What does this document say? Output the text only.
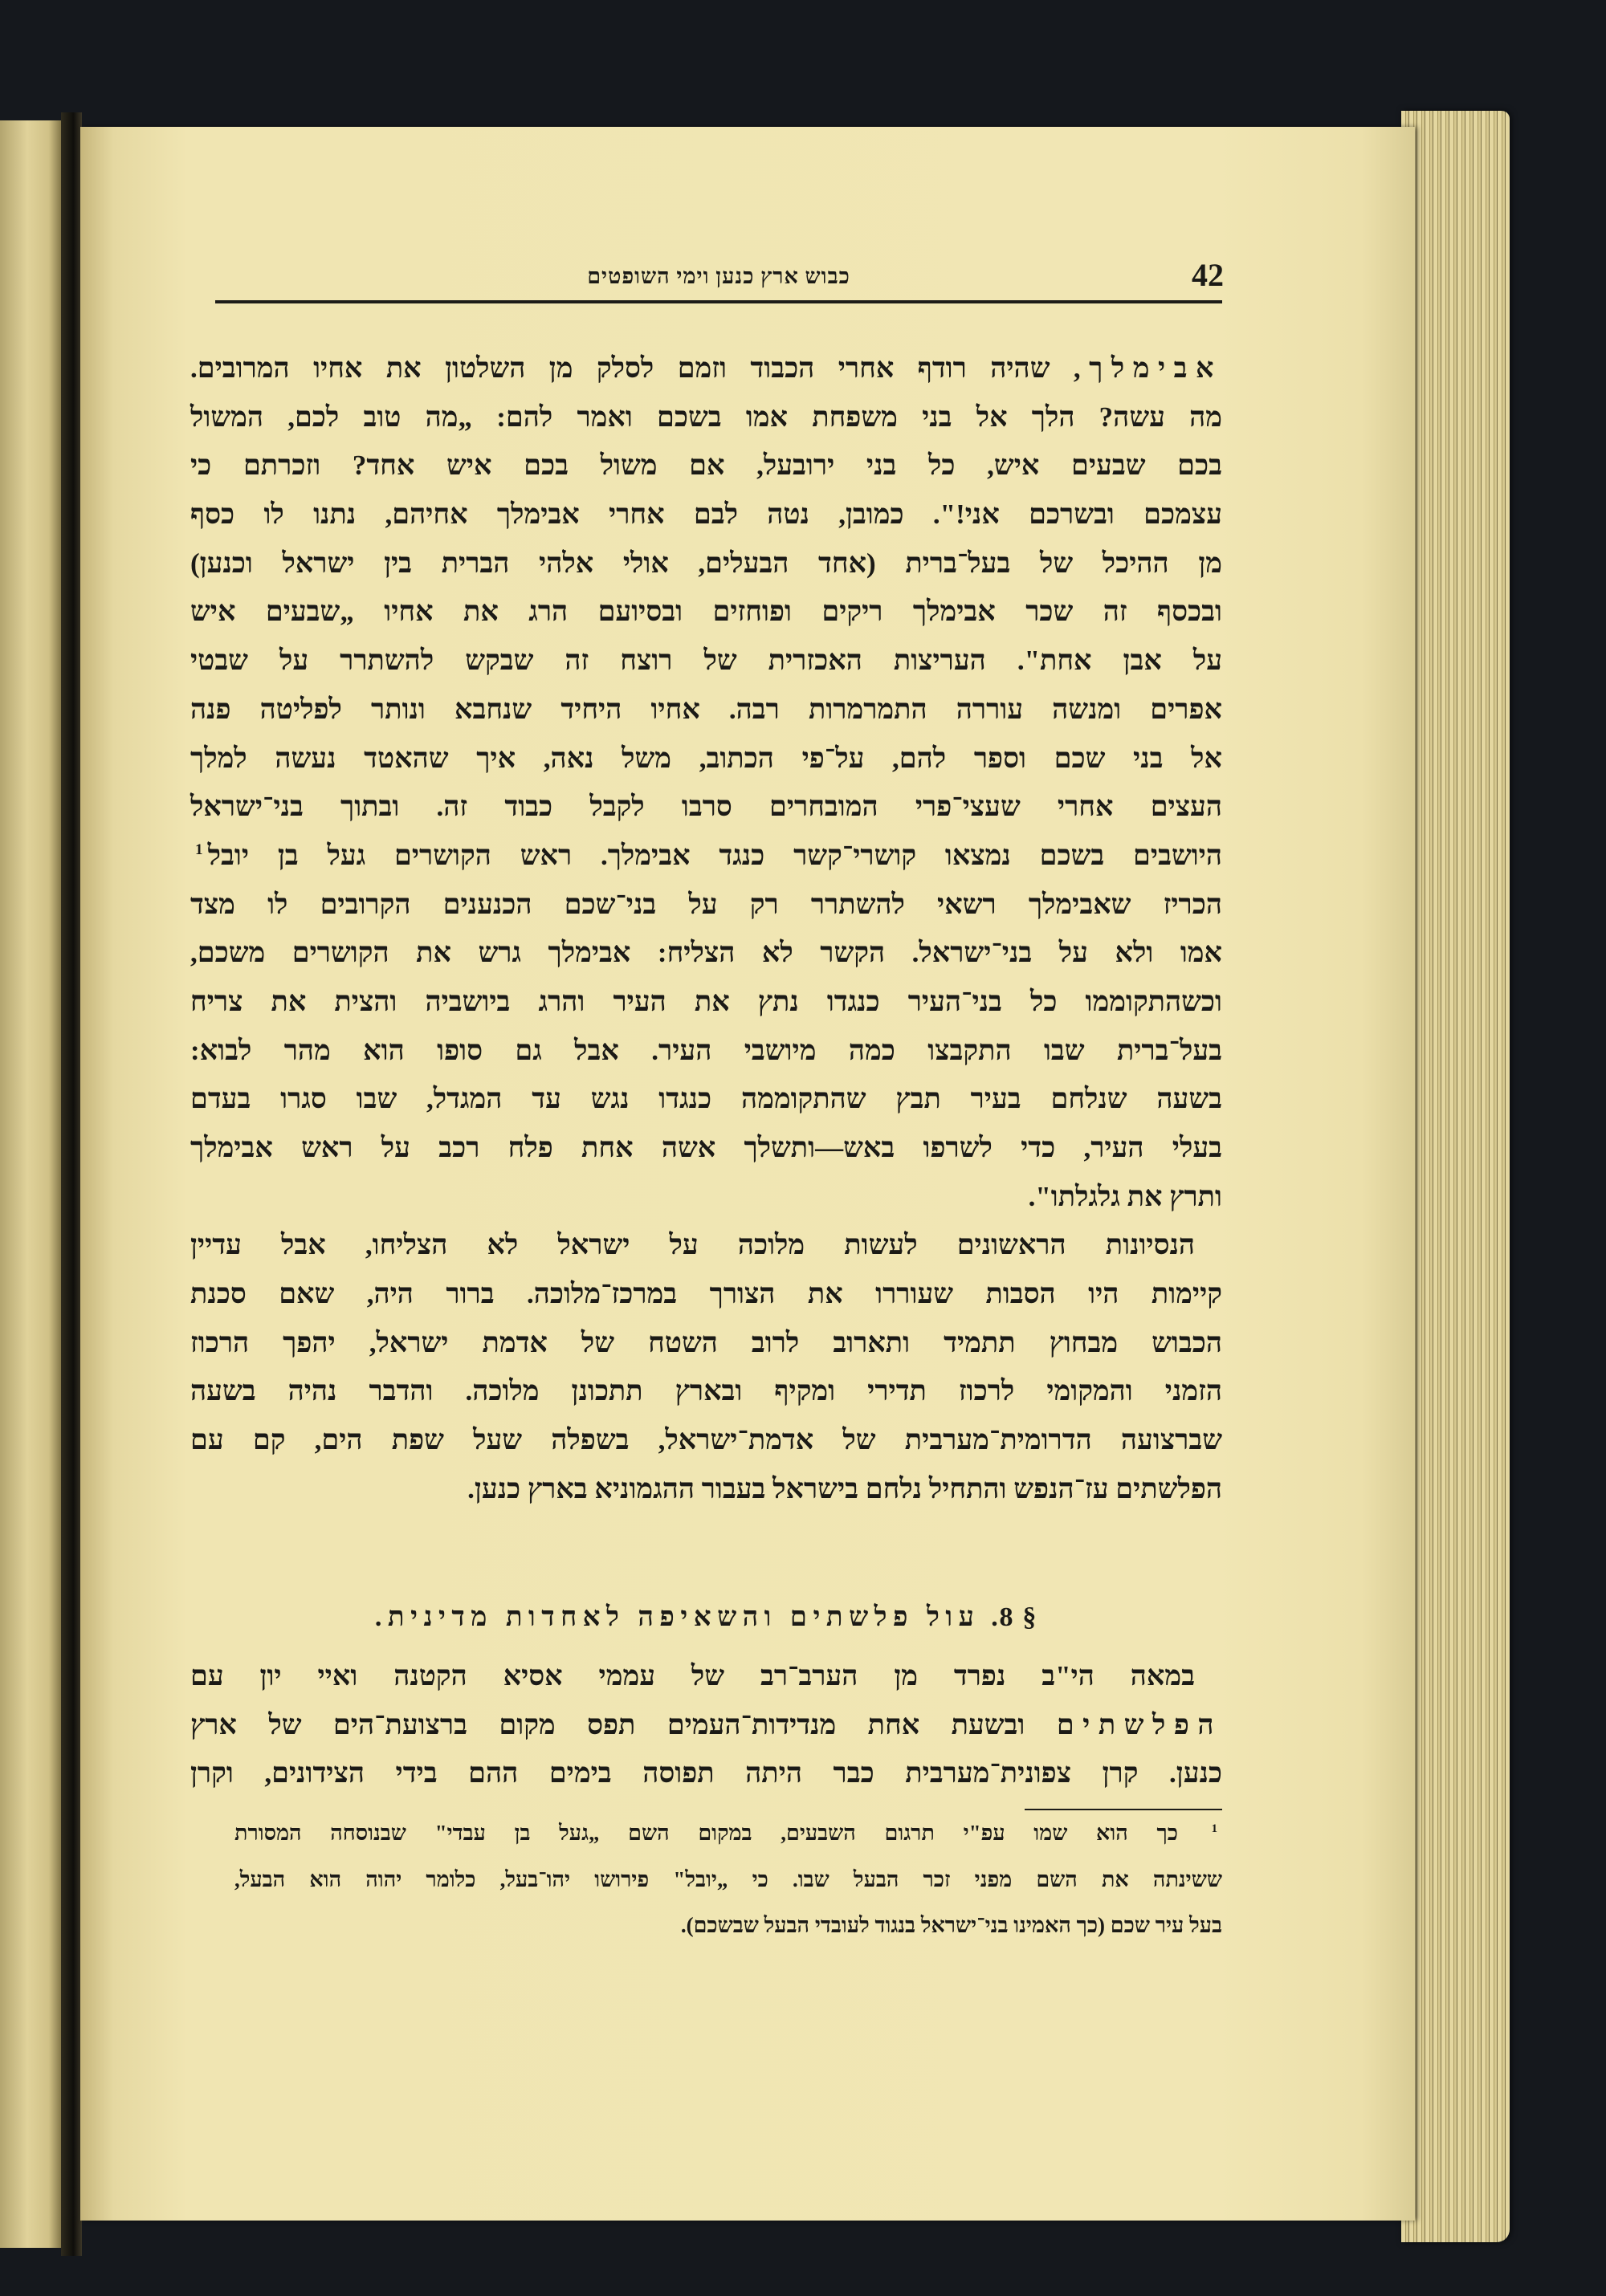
כבוש ארץ כנען וימי השופטים	42
אבימלך, שהיה רודף אחרי הכבוד וזמם לסלק מן השלטון את אחיו המרובים.
מה עשה? הלך אל בני משפחת אמו בשכם ואמר להם: „מה טוב לכם, המשול
בכם שבעים איש, כל בני ירובעל, אם משול בכם איש אחד? וזכרתם כי
עצמכם ובשרכם אני!". כמובן, נטה לבם אחרי אבימלך אחיהם, נתנו לו כסף
מן ההיכל של בעל־ברית (אחד הבעלים, אולי אלהי הברית בין ישראל וכנען)
ובכסף זה שכר אבימלך ריקים ופוחזים ובסיועם הרג את אחיו „שבעים איש
על אבן אחת". העריצות האכזרית של רוצח זה שבקש להשתרר על שבטי
אפרים ומנשה עוררה התמרמרות רבה. אחיו היחיד שנחבא ונותר לפליטה פנה
אל בני שכם וספר להם, על־פי הכתוב, משל נאה, איך שהאטד נעשה למלך
העצים אחרי שעצי־פרי המובחרים סרבו לקבל כבוד זה. ובתוך בני־ישראל
היושבים בשכם נמצאו קושרי־קשר כנגד אבימלך. ראש הקושרים געל בן יובל$^1$
הכריז שאבימלך רשאי להשתרר רק על בני־שכם הכנענים הקרובים לו מצד
אמו ולא על בני־ישראל. הקשר לא הצליח: אבימלך גרש את הקושרים משכם,
וכשהתקוממו כל בני־העיר כנגדו נתץ את העיר והרג ביושביה והצית את צריח
בעל־ברית שבו התקבצו כמה מיושבי העיר. אבל גם סופו הוא מהר לבוא:
בשעה שנלחם בעיר תבץ שהתקוממה כנגדו נגש עד המגדל, שבו סגרו בעדם
בעלי העיר, כדי לשרפו באש—ותשלך אשה אחת פלח רכב על ראש אבימלך
ותרץ את גלגלתו".
הנסיונות הראשונים לעשות מלוכה על ישראל לא הצליחו, אבל עדיין
קיימות היו הסבות שעוררו את הצורך במרכז־מלוכה. ברור היה, שאם סכנת
הכבוש מבחוץ תתמיד ותארוב לרוב השטח של אדמת ישראל, יהפך הרכוז
הזמני והמקומי לרכוז תדירי ומקיף ובארץ תתכונן מלוכה. והדבר נהיה בשעה
שברצועה הדרומית־מערבית של אדמת־ישראל, בשפלה שעל שפת הים, קם עם
הפלשתים עז־הנפש והתחיל נלחם בישראל בעבור ההגמוניא בארץ כנען.
§ 8.עול פלשתים והשאיפה לאחדות מדינית.
במאה הי"ב נפרד מן הערב־רב של עממי אסיא הקטנה ואיי יון עם
הפלשתים ובשעת אחת מנדידות־העמים תפס מקום ברצועת־הים של ארץ
כנען. קרן צפונית־מערבית כבר היתה תפוסה בימים ההם בידי הצידונים, וקרן
$^1$ כך הוא שמו עפ"י תרגום השבעים, במקום השם „געל בן עבדי" שבנוסחה המסורת
ששינתה את השם מפני זכר הבעל שבו. כי „יובל" פירושו יהו־בעל, כלומר יהוה הוא הבעל,
בעל עיר שכם (כך האמינו בני־ישראל בנגוד לעובדי הבעל שבשכם).
